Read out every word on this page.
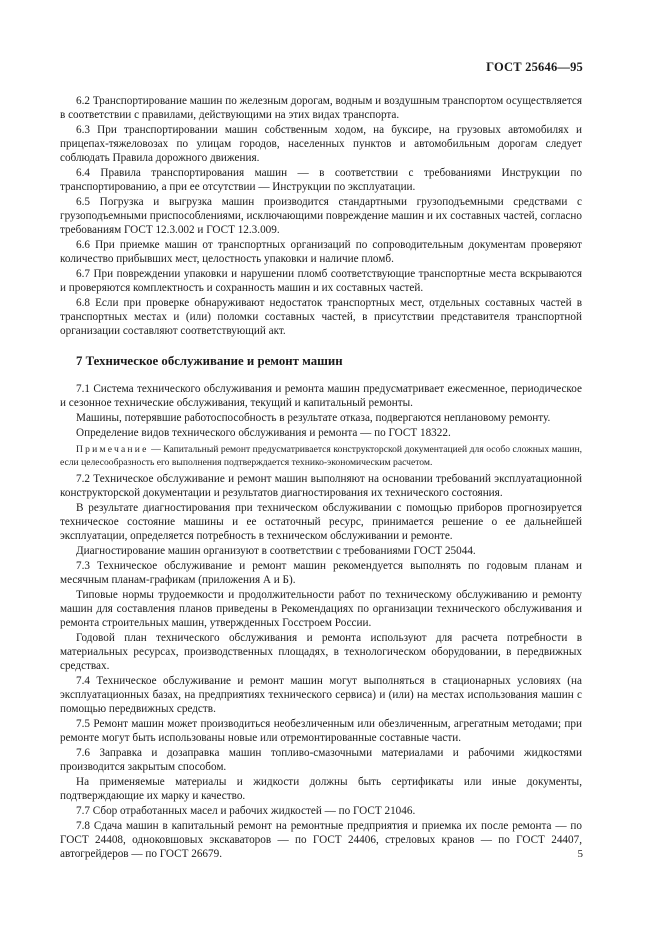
ГОСТ 25646—95

6.2 Транспортирование машин по железным дорогам, водным и воздушным транспортом осуществляется в соответствии с правилами, действующими на этих видах транспорта.

6.3 При транспортировании машин собственным ходом, на буксире, на грузовых автомобилях и прицепах-тяжеловозах по улицам городов, населенных пунктов и автомобильным дорогам следует соблюдать Правила дорожного движения.

6.4 Правила транспортирования машин — в соответствии с требованиями Инструкции по транспортированию, а при ее отсутствии — Инструкции по эксплуатации.

6.5 Погрузка и выгрузка машин производится стандартными грузоподъемными средствами с грузоподъемными приспособлениями, исключающими повреждение машин и их составных частей, согласно требованиям ГОСТ 12.3.002 и ГОСТ 12.3.009.

6.6 При приемке машин от транспортных организаций по сопроводительным документам проверяют количество прибывших мест, целостность упаковки и наличие пломб.

6.7 При повреждении упаковки и нарушении пломб соответствующие транспортные места вскрываются и проверяются комплектность и сохранность машин и их составных частей.

6.8 Если при проверке обнаруживают недостаток транспортных мест, отдельных составных частей в транспортных местах и (или) поломки составных частей, в присутствии представителя транспортной организации составляют соответствующий акт.

7 Техническое обслуживание и ремонт машин

7.1 Система технического обслуживания и ремонта машин предусматривает ежесменное, периодическое и сезонное технические обслуживания, текущий и капитальный ремонты.

Машины, потерявшие работоспособность в результате отказа, подвергаются неплановому ремонту.

Определение видов технического обслуживания и ремонта — по ГОСТ 18322.

Примечание — Капитальный ремонт предусматривается конструкторской документацией для особо сложных машин, если целесообразность его выполнения подтверждается технико-экономическим расчетом.

7.2 Техническое обслуживание и ремонт машин выполняют на основании требований эксплуатационной конструкторской документации и результатов диагностирования их технического состояния.

В результате диагностирования при техническом обслуживании с помощью приборов прогнозируется техническое состояние машины и ее остаточный ресурс, принимается решение о ее дальнейшей эксплуатации, определяется потребность в техническом обслуживании и ремонте.

Диагностирование машин организуют в соответствии с требованиями ГОСТ 25044.

7.3 Техническое обслуживание и ремонт машин рекомендуется выполнять по годовым планам и месячным планам-графикам (приложения А и Б).

Типовые нормы трудоемкости и продолжительности работ по техническому обслуживанию и ремонту машин для составления планов приведены в Рекомендациях по организации технического обслуживания и ремонта строительных машин, утвержденных Госстроем России.

Годовой план технического обслуживания и ремонта используют для расчета потребности в материальных ресурсах, производственных площадях, в технологическом оборудовании, в передвижных средствах.

7.4 Техническое обслуживание и ремонт машин могут выполняться в стационарных условиях (на эксплуатационных базах, на предприятиях технического сервиса) и (или) на местах использования машин с помощью передвижных средств.

7.5 Ремонт машин может производиться необезличенным или обезличенным, агрегатным методами; при ремонте могут быть использованы новые или отремонтированные составные части.

7.6 Заправка и дозаправка машин топливо-смазочными материалами и рабочими жидкостями производится закрытым способом.

На применяемые материалы и жидкости должны быть сертификаты или иные документы, подтверждающие их марку и качество.

7.7 Сбор отработанных масел и рабочих жидкостей — по ГОСТ 21046.

7.8 Сдача машин в капитальный ремонт на ремонтные предприятия и приемка их после ремонта — по ГОСТ 24408, одноковшовых экскаваторов — по ГОСТ 24406, стреловых кранов — по ГОСТ 24407, автогрейдеров — по ГОСТ 26679.	5
